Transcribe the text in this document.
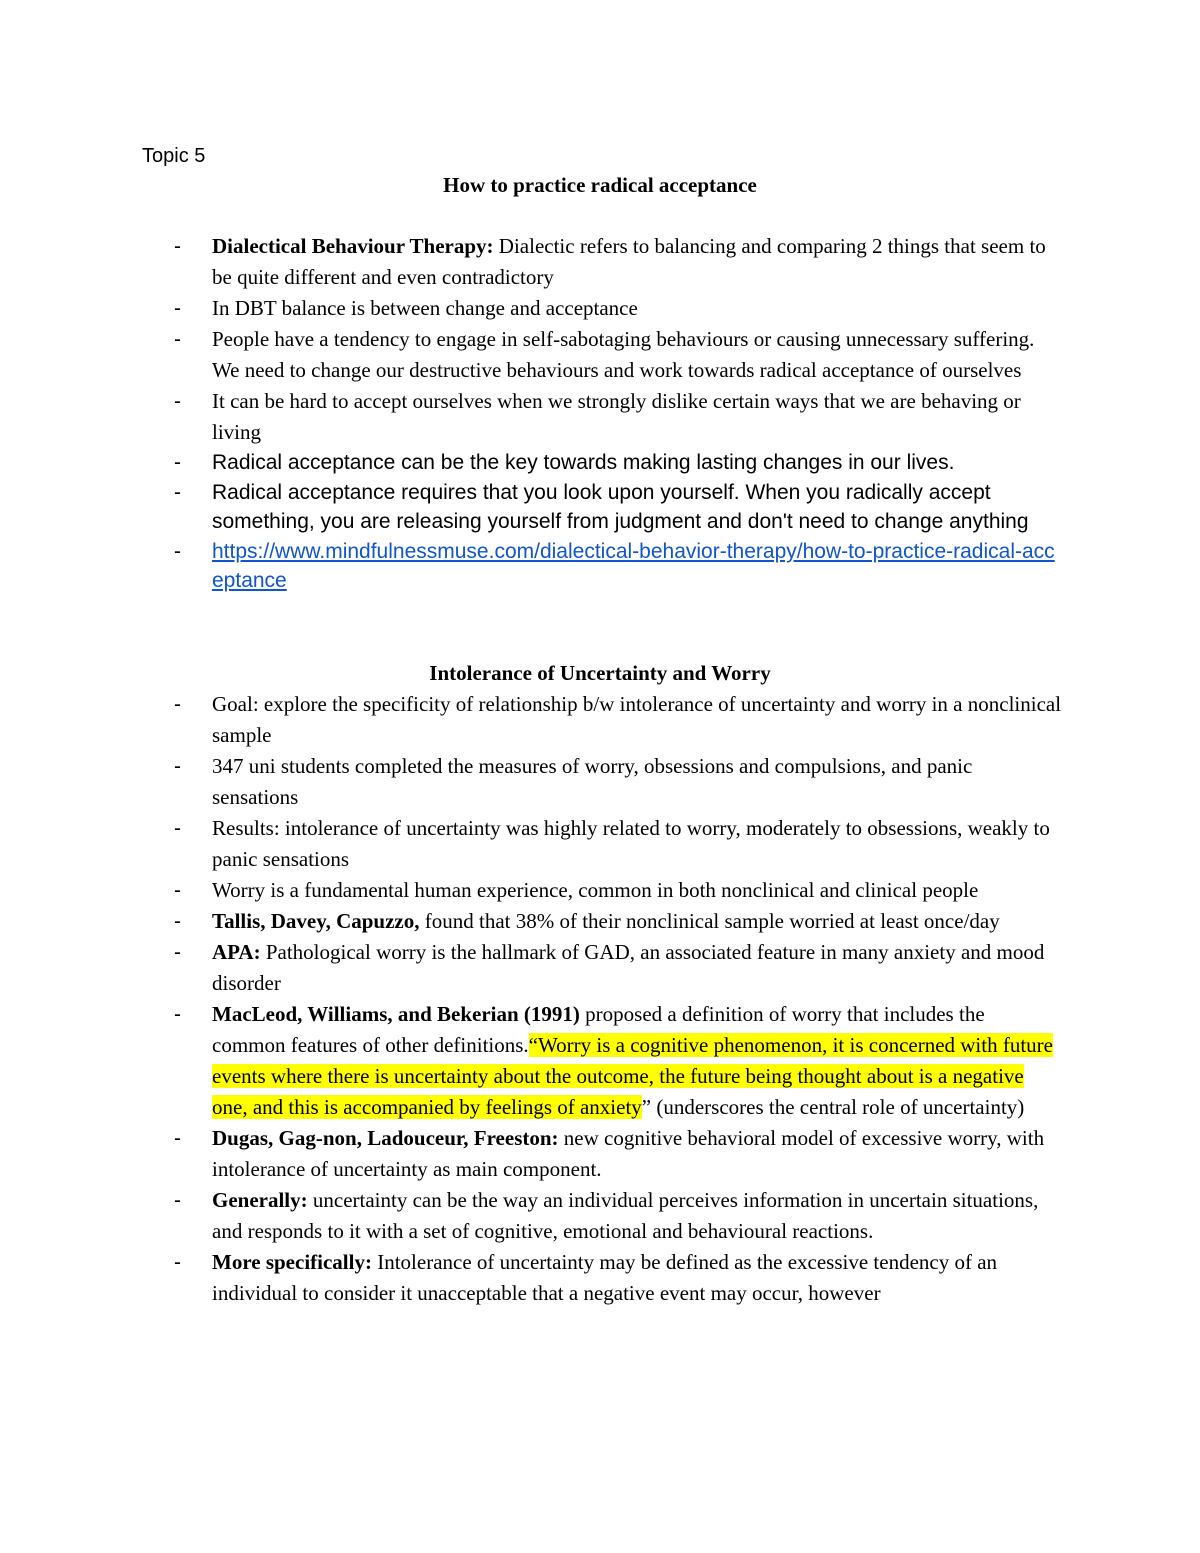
Topic 5
How to practice radical acceptance
- Dialectical Behaviour Therapy: Dialectic refers to balancing and comparing 2 things that seem to be quite different and even contradictory
- In DBT balance is between change and acceptance
- People have a tendency to engage in self-sabotaging behaviours or causing unnecessary suffering. We need to change our destructive behaviours and work towards radical acceptance of ourselves
- It can be hard to accept ourselves when we strongly dislike certain ways that we are behaving or living
- Radical acceptance can be the key towards making lasting changes in our lives.
- Radical acceptance requires that you look upon yourself. When you radically accept something, you are releasing yourself from judgment and don't need to change anything
- https://www.mindfulnessmuse.com/dialectical-behavior-therapy/how-to-practice-radical-acceptance
Intolerance of Uncertainty and Worry
- Goal: explore the specificity of relationship b/w intolerance of uncertainty and worry in a nonclinical sample
- 347 uni students completed the measures of worry, obsessions and compulsions, and panic sensations
- Results: intolerance of uncertainty was highly related to worry, moderately to obsessions, weakly to panic sensations
- Worry is a fundamental human experience, common in both nonclinical and clinical people
- Tallis, Davey, Capuzzo, found that 38% of their nonclinical sample worried at least once/day
- APA: Pathological worry is the hallmark of GAD, an associated feature in many anxiety and mood disorder
- MacLeod, Williams, and Bekerian (1991) proposed a definition of worry that includes the common features of other definitions.“Worry is a cognitive phenomenon, it is concerned with future events where there is uncertainty about the outcome, the future being thought about is a negative one, and this is accompanied by feelings of anxiety” (underscores the central role of uncertainty)
- Dugas, Gag-non, Ladouceur, Freeston: new cognitive behavioral model of excessive worry, with intolerance of uncertainty as main component.
- Generally: uncertainty can be the way an individual perceives information in uncertain situations, and responds to it with a set of cognitive, emotional and behavioural reactions.
- More specifically: Intolerance of uncertainty may be defined as the excessive tendency of an individual to consider it unacceptable that a negative event may occur, however
